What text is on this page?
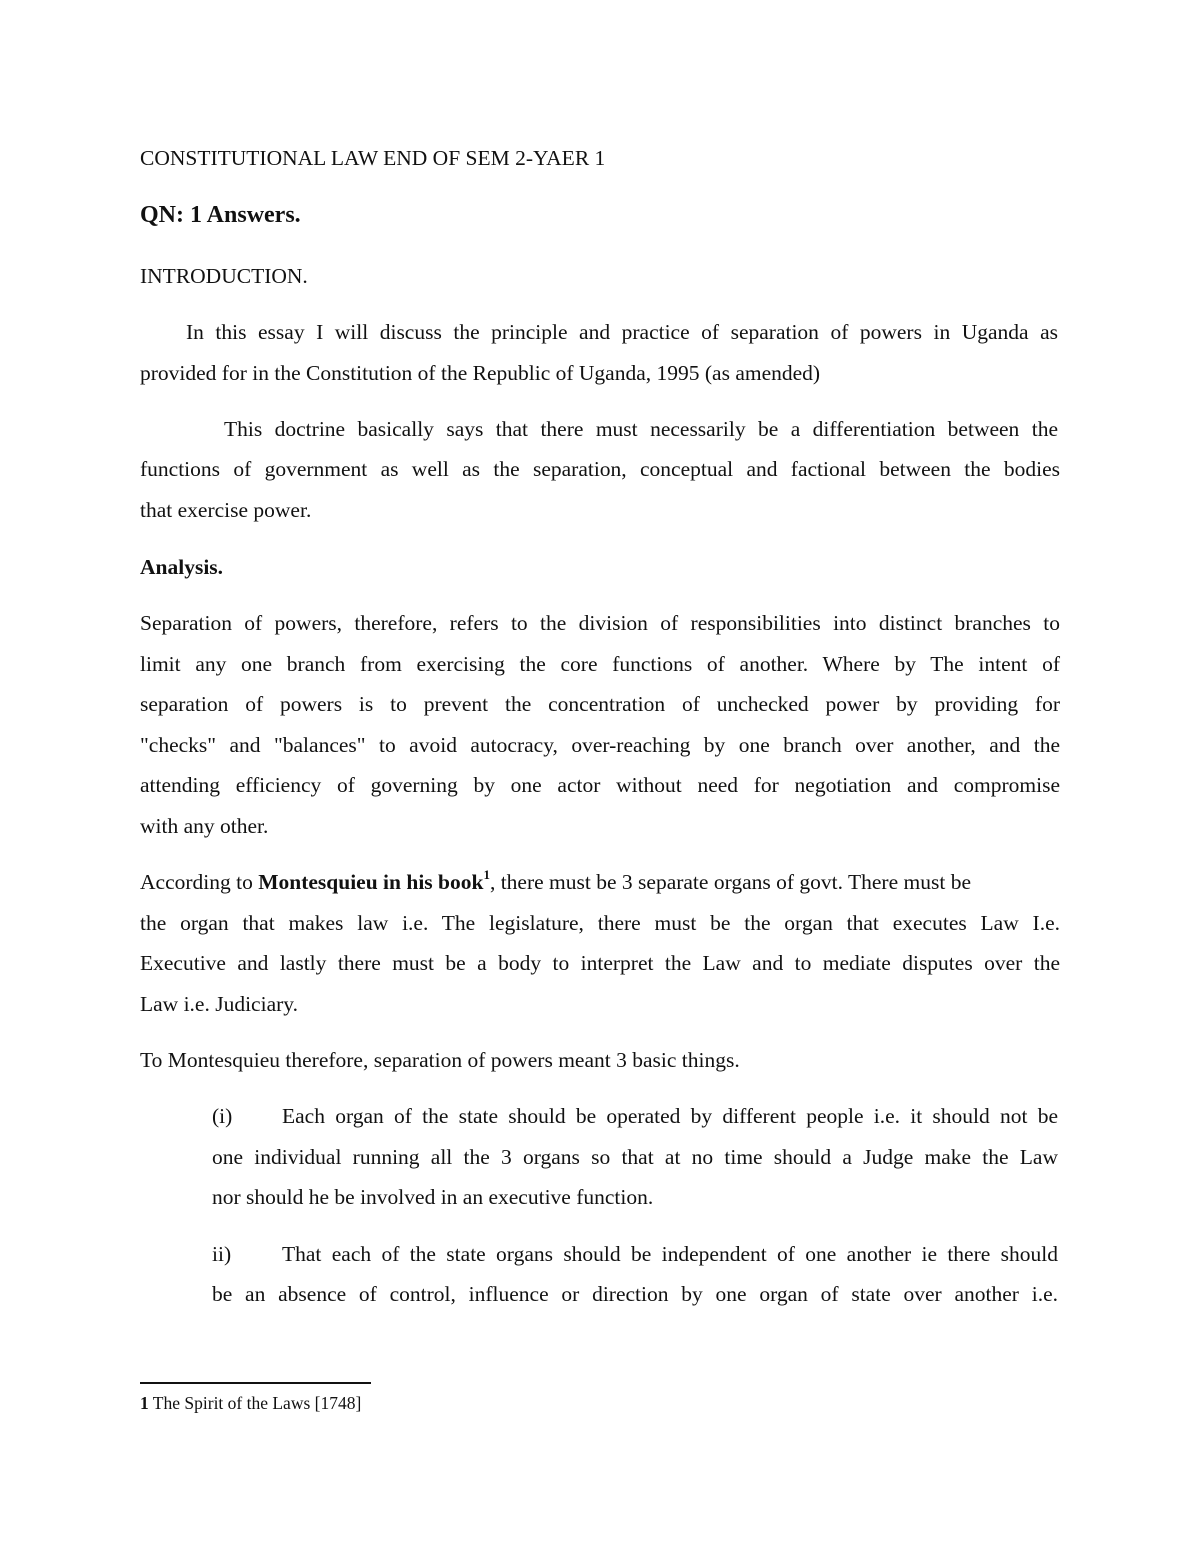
CONSTITUTIONAL LAW END OF SEM 2-YAER 1
QN: 1 Answers.
INTRODUCTION.
In this essay I will discuss the principle and practice of separation of powers in Uganda as
provided for in the Constitution of the Republic of Uganda, 1995 (as amended)
This doctrine basically says that there must necessarily be a differentiation between the
functions of government as well as the separation, conceptual and factional between the bodies
that exercise power.
Analysis.
Separation of powers, therefore, refers to the division of responsibilities into distinct branches to
limit any one branch from exercising the core functions of another. Where by The intent of
separation of powers is to prevent the concentration of unchecked power by providing for
"checks" and "balances" to avoid autocracy, over-reaching by one branch over another, and the
attending efficiency of governing by one actor without need for negotiation and compromise
with any other.
According to Montesquieu in his book$^1$, there must be 3 separate organs of govt. There must be
the organ that makes law i.e. The legislature, there must be the organ that executes Law I.e.
Executive and lastly there must be a body to interpret the Law and to mediate disputes over the
Law i.e. Judiciary.
To Montesquieu therefore, separation of powers meant 3 basic things.
(i) Each organ of the state should be operated by different people i.e. it should not be
one individual running all the 3 organs so that at no time should a Judge make the Law
nor should he be involved in an executive function.
ii) That each of the state organs should be independent of one another ie there should
be an absence of control, influence or direction by one organ of state over another i.e.
1 The Spirit of the Laws [1748]
